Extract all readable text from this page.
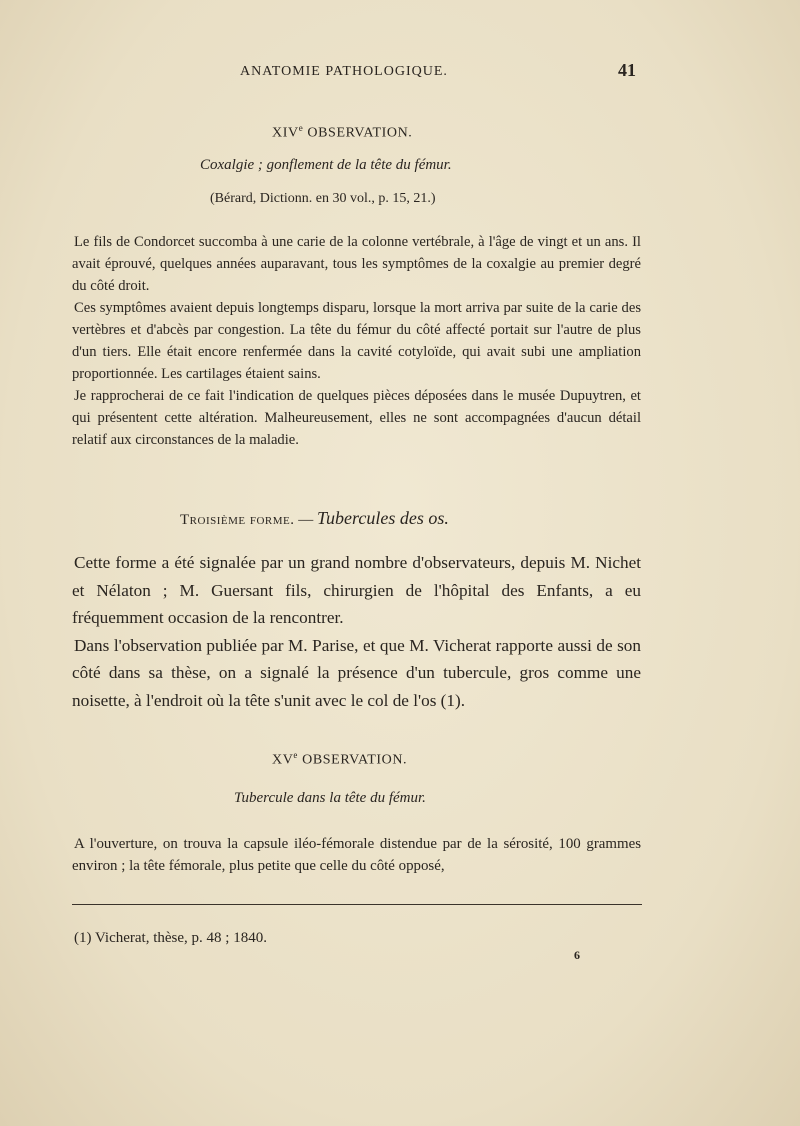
ANATOMIE PATHOLOGIQUE.	41
XIVe OBSERVATION.
Coxalgie ; gonflement de la tête du fémur.
(Bérard, Dictionn. en 30 vol., p. 15, 21.)

Le fils de Condorcet succomba à une carie de la colonne vertébrale, à l'âge de vingt et un ans. Il avait éprouvé, quelques années auparavant, tous les symptômes de la coxalgie au premier degré du côté droit.

Ces symptômes avaient depuis longtemps disparu, lorsque la mort arriva par suite de la carie des vertèbres et d'abcès par congestion. La tête du fémur du côté affecté portait sur l'autre de plus d'un tiers. Elle était encore renfermée dans la cavité cotyloïde, qui avait subi une ampliation proportionnée. Les cartilages étaient sains.

Je rapprocherai de ce fait l'indication de quelques pièces déposées dans le musée Dupuytren, et qui présentent cette altération. Malheureusement, elles ne sont accompagnées d'aucun détail relatif aux circonstances de la maladie.

Troisième forme. — Tubercules des os.

Cette forme a été signalée par un grand nombre d'observateurs, depuis M. Nichet et Nélaton ; M. Guersant fils, chirurgien de l'hôpital des Enfants, a eu fréquemment occasion de la rencontrer.

Dans l'observation publiée par M. Parise, et que M. Vicherat rapporte aussi de son côté dans sa thèse, on a signalé la présence d'un tubercule, gros comme une noisette, à l'endroit où la tête s'unit avec le col de l'os (1).

XVe OBSERVATION.
Tubercule dans la tête du fémur.

A l'ouverture, on trouva la capsule iléo-fémorale distendue par de la sérosité, 100 grammes environ ; la tête fémorale, plus petite que celle du côté opposé,

(1) Vicherat, thèse, p. 48 ; 1840.
6
